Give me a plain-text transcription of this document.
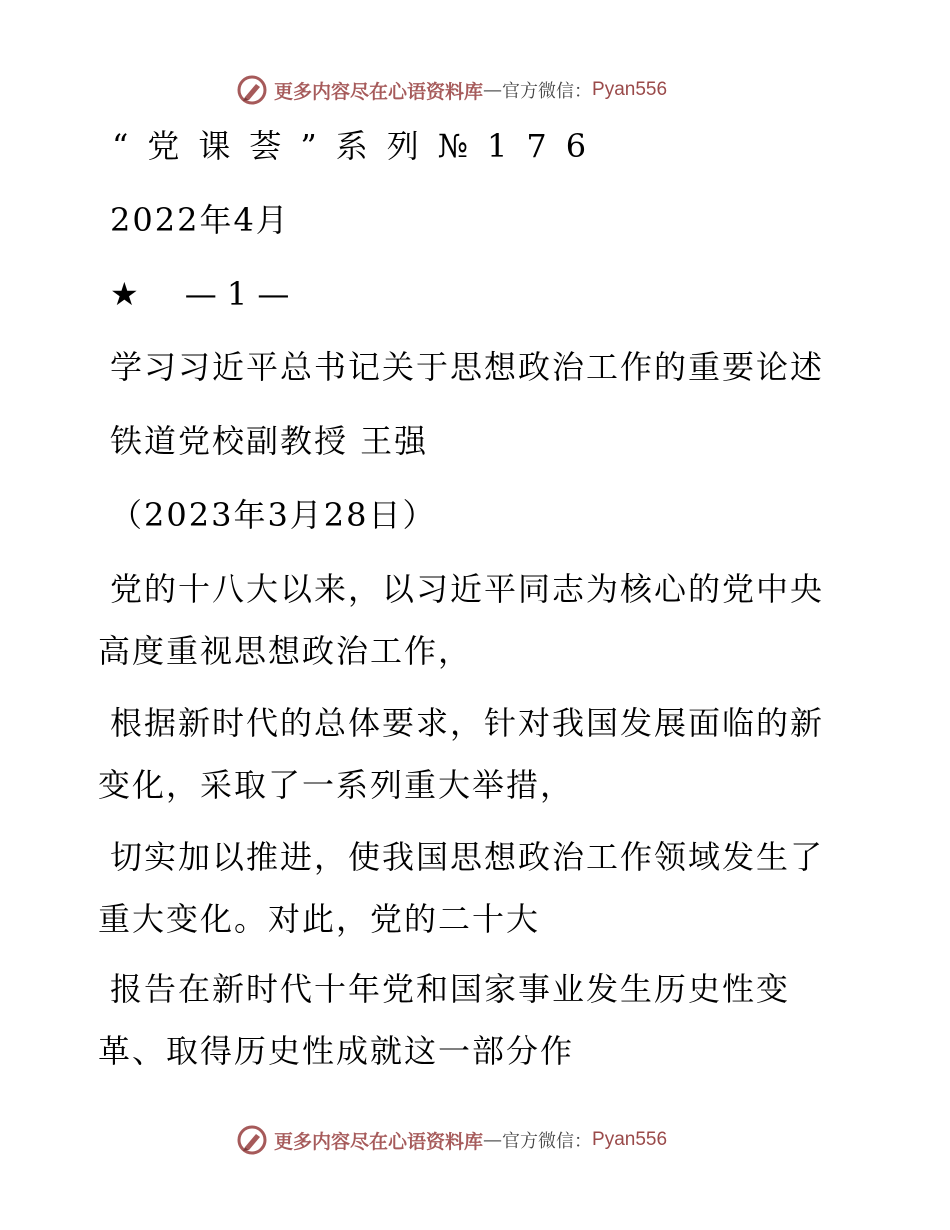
更多内容尽在心语资料库 — 官方微信： Pyan556
“党课荟”系列№176
2022年4月
★ — 1 —
学习习近平总书记关于思想政治工作的重要论述
铁道党校副教授 王强
（2023年3月28日）
党的十八大以来，以习近平同志为核心的党中央
高度重视思想政治工作，
根据新时代的总体要求，针对我国发展面临的新
变化，采取了一系列重大举措，
切实加以推进，使我国思想政治工作领域发生了
重大变化。对此，党的二十大
报告在新时代十年党和国家事业发生历史性变
革、取得历史性成就这一部分作
更多内容尽在心语资料库 — 官方微信： Pyan556
